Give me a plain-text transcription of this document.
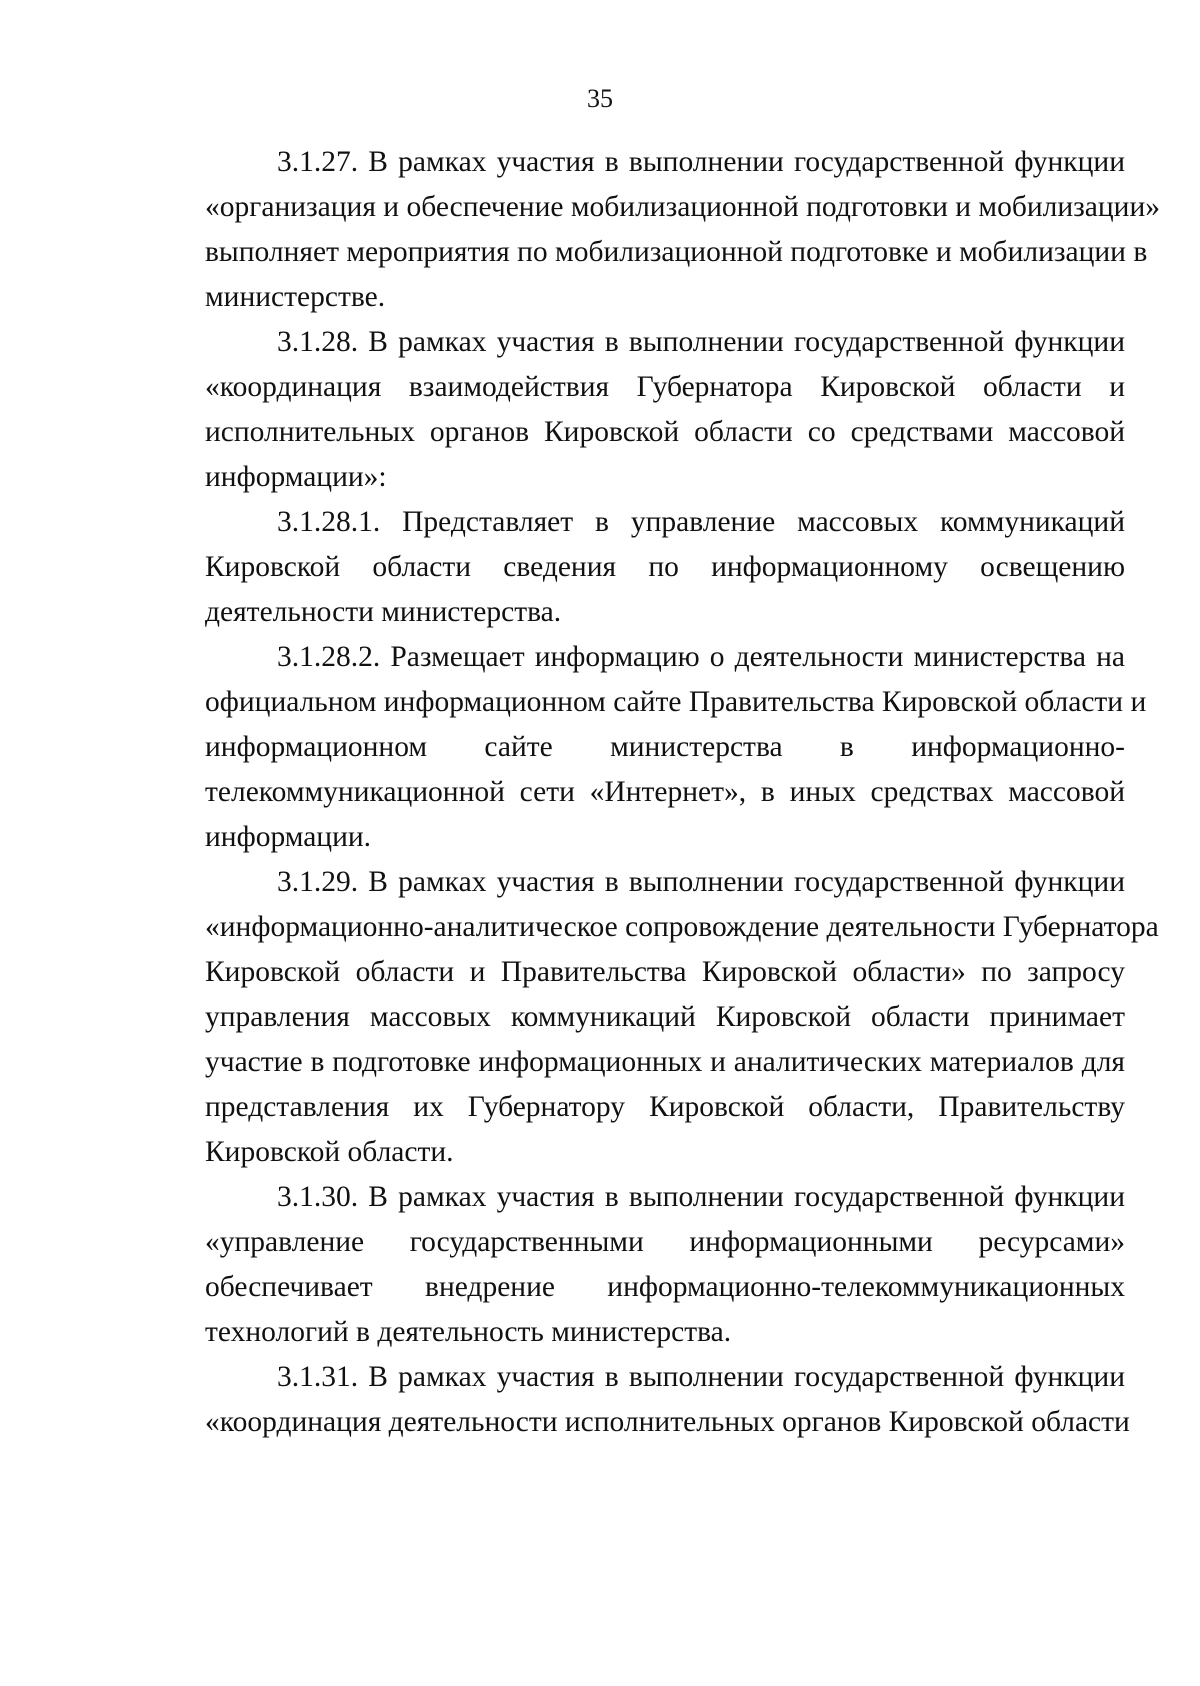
35
3.1.27. В рамках участия в выполнении государственной функции
«организация и обеспечение мобилизационной подготовки и мобилизации»
выполняет мероприятия по мобилизационной подготовке и мобилизации в
министерстве.
3.1.28. В рамках участия в выполнении государственной функции
«координация взаимодействия Губернатора Кировской области и
исполнительных органов Кировской области со средствами массовой
информации»:
3.1.28.1. Представляет в управление массовых коммуникаций
Кировской области сведения по информационному освещению
деятельности министерства.
3.1.28.2. Размещает информацию о деятельности министерства на
официальном информационном сайте Правительства Кировской области и
информационном сайте министерства в информационно-
телекоммуникационной сети «Интернет», в иных средствах массовой
информации.
3.1.29. В рамках участия в выполнении государственной функции
«информационно-аналитическое сопровождение деятельности Губернатора
Кировской области и Правительства Кировской области» по запросу
управления массовых коммуникаций Кировской области принимает
участие в подготовке информационных и аналитических материалов для
представления их Губернатору Кировской области, Правительству
Кировской области.
3.1.30. В рамках участия в выполнении государственной функции
«управление государственными информационными ресурсами»
обеспечивает внедрение информационно-телекоммуникационных
технологий в деятельность министерства.
3.1.31. В рамках участия в выполнении государственной функции
«координация деятельности исполнительных органов Кировской области
